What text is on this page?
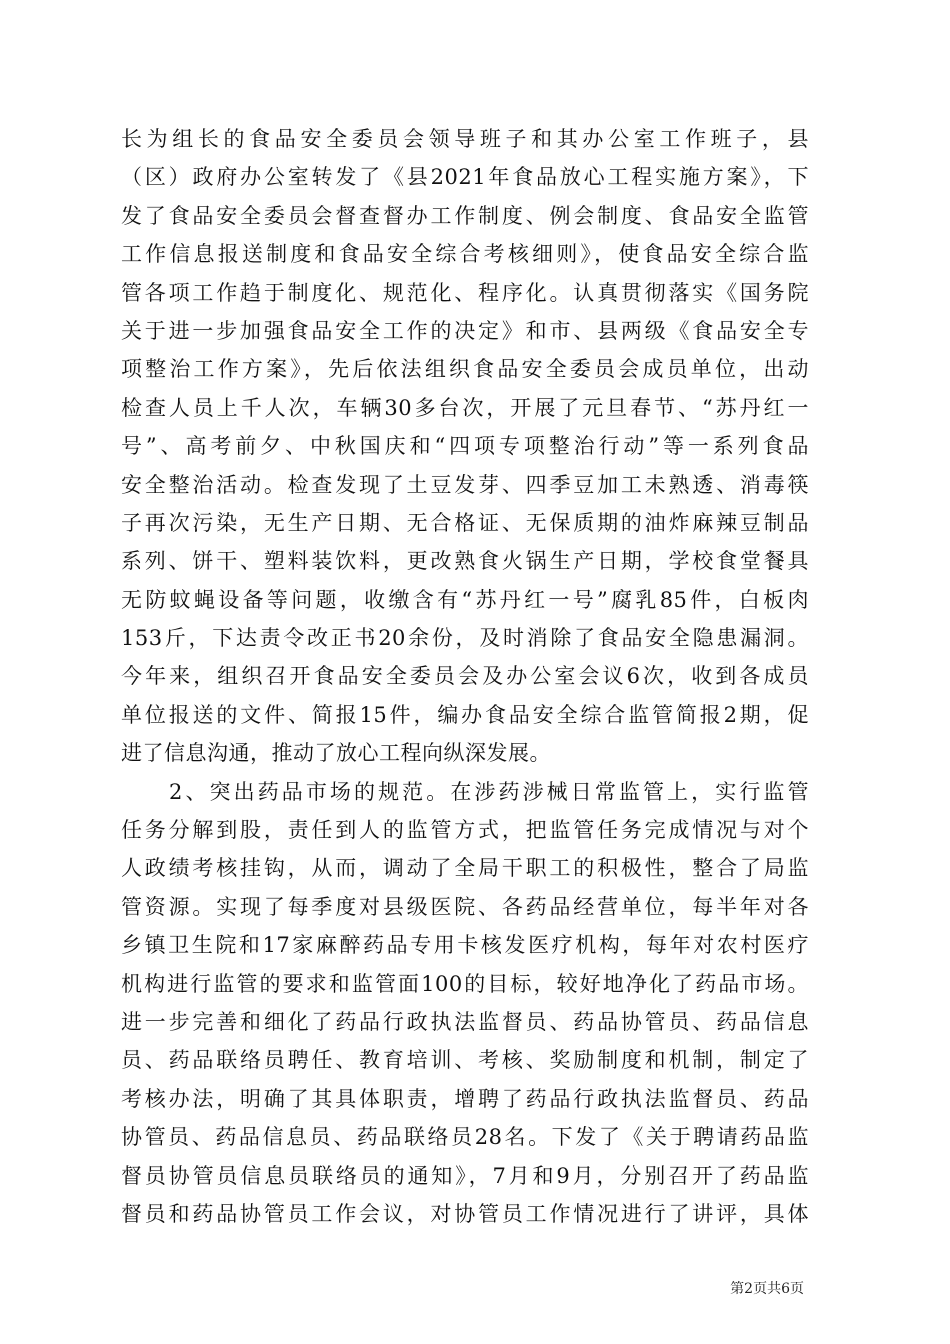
长为组长的食品安全委员会领导班子和其办公室工作班子，县
（区）政府办公室转发了《县2021年食品放心工程实施方案》，下
发了食品安全委员会督查督办工作制度、例会制度、食品安全监管
工作信息报送制度和食品安全综合考核细则》，使食品安全综合监
管各项工作趋于制度化、规范化、程序化。认真贯彻落实《国务院
关于进一步加强食品安全工作的决定》和市、县两级《食品安全专
项整治工作方案》，先后依法组织食品安全委员会成员单位，出动
检查人员上千人次，车辆30多台次，开展了元旦春节、“苏丹红一
号”、高考前夕、中秋国庆和“四项专项整治行动”等一系列食品
安全整治活动。检查发现了土豆发芽、四季豆加工未熟透、消毒筷
子再次污染，无生产日期、无合格证、无保质期的油炸麻辣豆制品
系列、饼干、塑料装饮料，更改熟食火锅生产日期，学校食堂餐具
无防蚊蝇设备等问题，收缴含有“苏丹红一号”腐乳85件，白板肉
153斤，下达责令改正书20余份，及时消除了食品安全隐患漏洞。
今年来，组织召开食品安全委员会及办公室会议6次，收到各成员
单位报送的文件、简报15件，编办食品安全综合监管简报2期，促
进了信息沟通，推动了放心工程向纵深发展。
2、突出药品市场的规范。在涉药涉械日常监管上，实行监管
任务分解到股，责任到人的监管方式，把监管任务完成情况与对个
人政绩考核挂钩，从而，调动了全局干职工的积极性，整合了局监
管资源。实现了每季度对县级医院、各药品经营单位，每半年对各
乡镇卫生院和17家麻醉药品专用卡核发医疗机构，每年对农村医疗
机构进行监管的要求和监管面100的目标，较好地净化了药品市场。
进一步完善和细化了药品行政执法监督员、药品协管员、药品信息
员、药品联络员聘任、教育培训、考核、奖励制度和机制，制定了
考核办法，明确了其具体职责，增聘了药品行政执法监督员、药品
协管员、药品信息员、药品联络员28名。下发了《关于聘请药品监
督员协管员信息员联络员的通知》，7月和9月，分别召开了药品监
督员和药品协管员工作会议，对协管员工作情况进行了讲评，具体
第2页共6页
